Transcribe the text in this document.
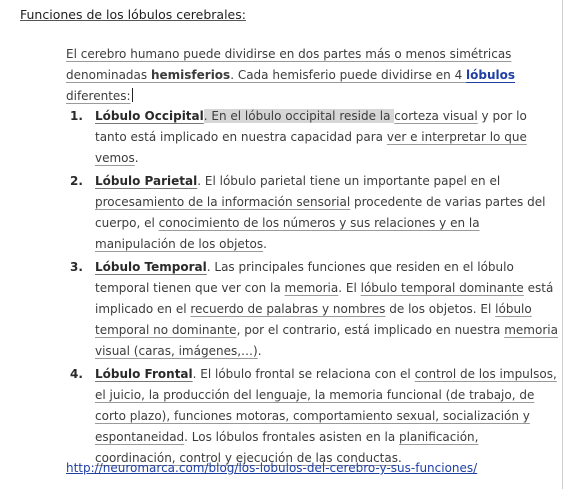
Funciones de los lóbulos cerebrales:
El cerebro humano puede dividirse en dos partes más o menos simétricas denominadas hemisferios. Cada hemisferio puede dividirse en 4 lóbulos
diferentes:
1. Lóbulo Occipital. En el lóbulo occipital reside la corteza visual y por lo tanto está implicado en nuestra capacidad para ver e interpretar lo que vemos.
2. Lóbulo Parietal. El lóbulo parietal tiene un importante papel en el procesamiento de la información sensorial procedente de varias partes del cuerpo, el conocimiento de los números y sus relaciones y en la manipulación de los objetos.
3. Lóbulo Temporal. Las principales funciones que residen en el lóbulo temporal tienen que ver con la memoria. El lóbulo temporal dominante está implicado en el recuerdo de palabras y nombres de los objetos. El lóbulo temporal no dominante, por el contrario, está implicado en nuestra memoria visual (caras, imágenes,…).
4. Lóbulo Frontal. El lóbulo frontal se relaciona con el control de los impulsos, el juicio, la producción del lenguaje, la memoria funcional (de trabajo, de corto plazo), funciones motoras, comportamiento sexual, socialización y espontaneidad. Los lóbulos frontales asisten en la planificación, coordinación, control y ejecución de las conductas.
http://neuromarca.com/blog/los-lobulos-del-cerebro-y-sus-funciones/
